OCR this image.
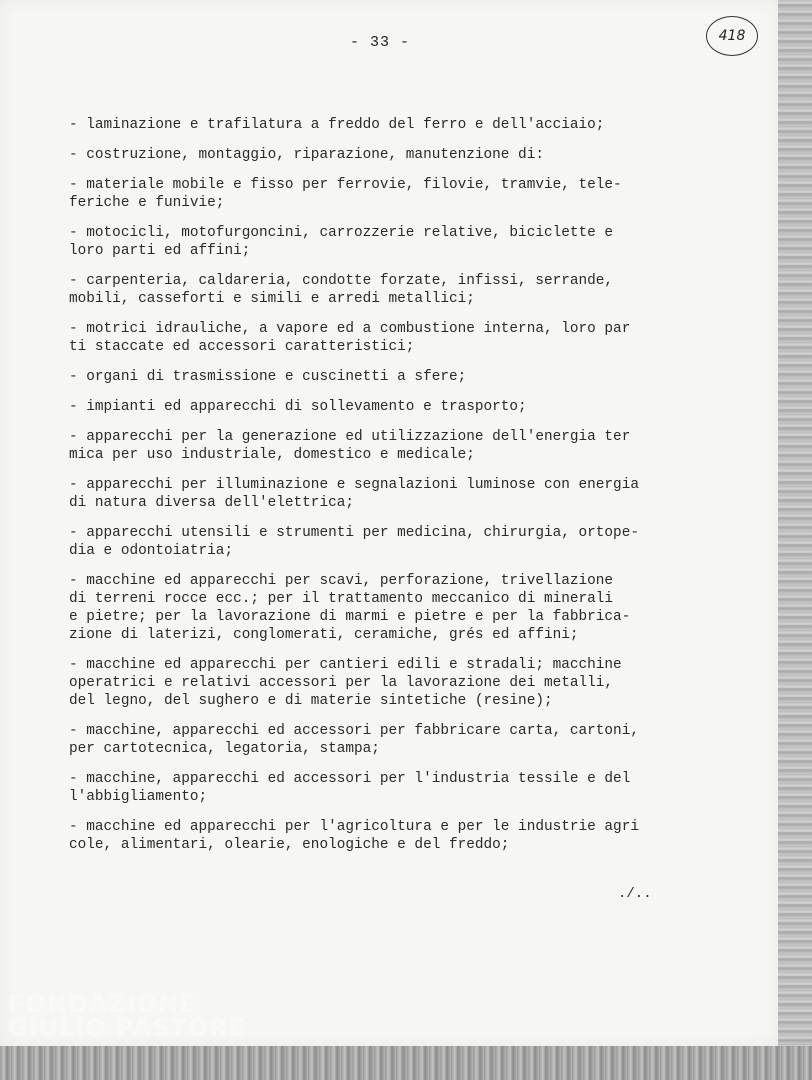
- 33 -	418
- laminazione e trafilatura a freddo del ferro e dell'acciaio;
- costruzione, montaggio, riparazione, manutenzione di:
- materiale mobile e fisso per ferrovie, filovie, tramvie, tele-
feriche e funivie;
- motocicli, motofurgoncini, carrozzerie relative, biciclette e
loro parti ed affini;
- carpenteria, caldareria, condotte forzate, infissi, serrande,
mobili, casseforti e simili e arredi metallici;
- motrici idrauliche, a vapore ed a combustione interna, loro par
ti staccate ed accessori caratteristici;
- organi di trasmissione e cuscinetti a sfere;
- impianti ed apparecchi di sollevamento e trasporto;
- apparecchi per la generazione ed utilizzazione dell'energia ter
mica per uso industriale, domestico e medicale;
- apparecchi per illuminazione e segnalazioni luminose con energia
di natura diversa dell'elettrica;
- apparecchi utensili e strumenti per medicina, chirurgia, ortope-
dia e odontoiatria;
- macchine ed apparecchi per scavi, perforazione, trivellazione
di terreni rocce ecc.; per il trattamento meccanico di minerali
e pietre; per la lavorazione di marmi e pietre e per la fabbrica-
zione di laterizi, conglomerati, ceramiche, grés ed affini;
- macchine ed apparecchi per cantieri edili e stradali; macchine
operatrici e relativi accessori per la lavorazione dei metalli,
del legno, del sughero e di materie sintetiche (resine);
- macchine, apparecchi ed accessori per fabbricare carta, cartoni,
per cartotecnica, legatoria, stampa;
- macchine, apparecchi ed accessori per l'industria tessile e del
l'abbigliamento;
- macchine ed apparecchi per l'agricoltura e per le industrie agri
cole, alimentari, olearie, enologiche e del freddo;
./..
FONDAZIONE
GIULIO PASTORE
